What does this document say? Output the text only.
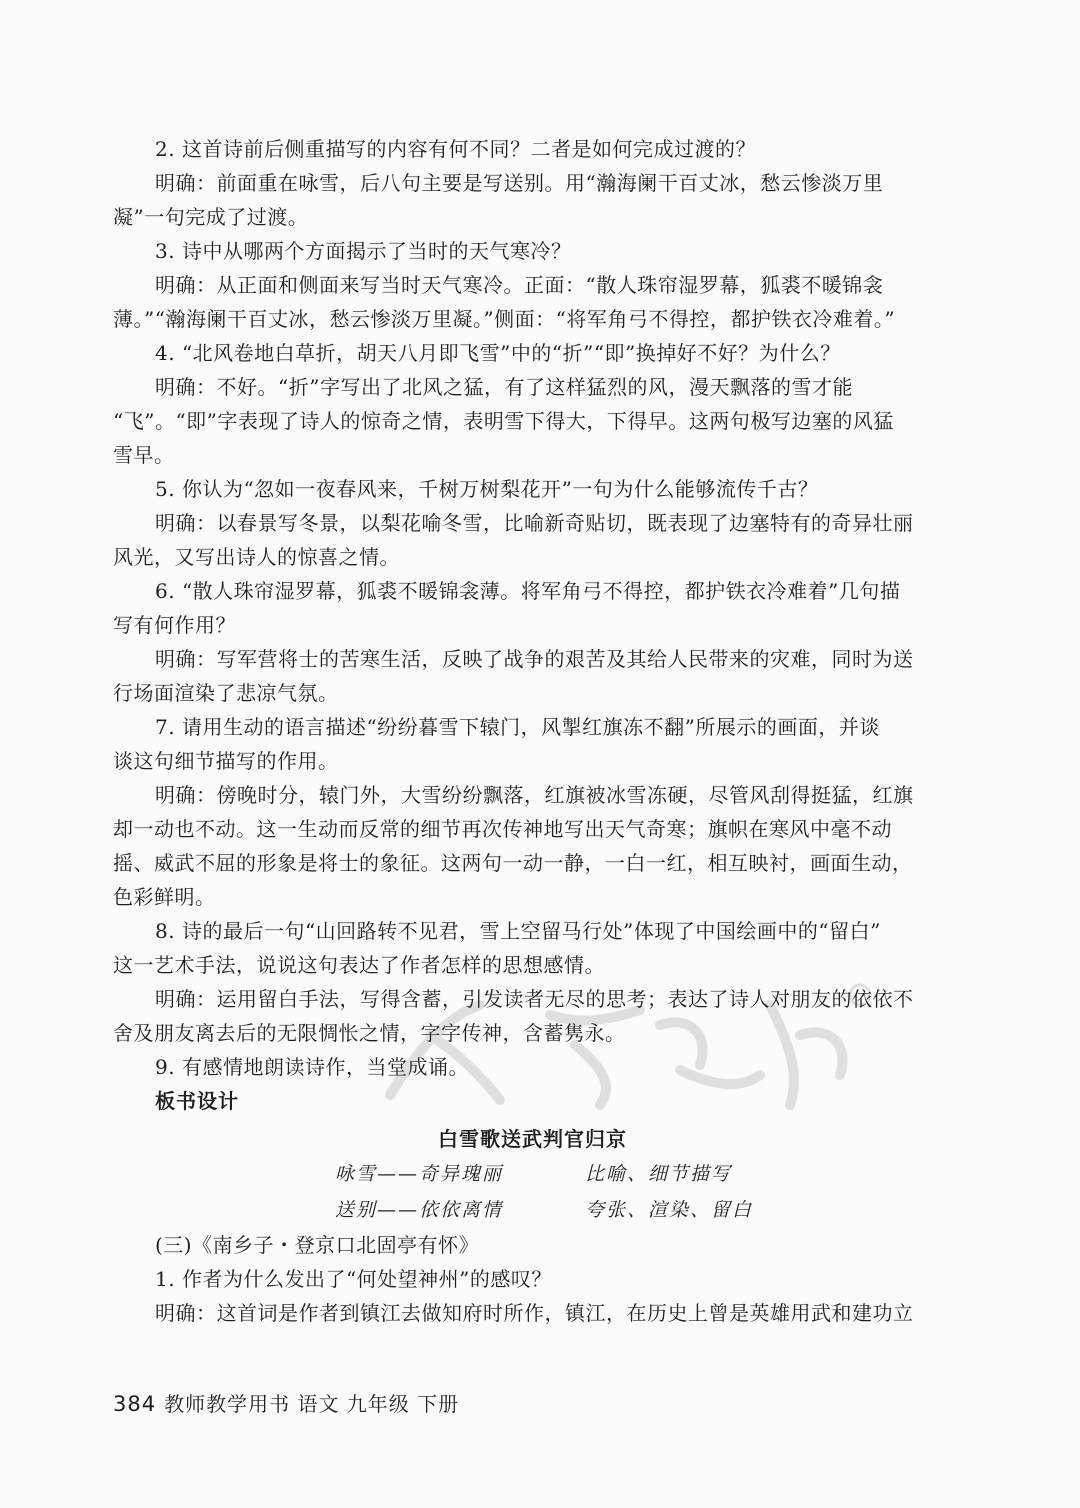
2. 这首诗前后侧重描写的内容有何不同？二者是如何完成过渡的？
明确：前面重在咏雪，后八句主要是写送别。用“瀚海阑干百丈冰，愁云惨淡万里
凝”一句完成了过渡。
3. 诗中从哪两个方面揭示了当时的天气寒冷？
明确：从正面和侧面来写当时天气寒冷。正面：“散人珠帘湿罗幕，狐裘不暖锦衾
薄。”“瀚海阑干百丈冰，愁云惨淡万里凝。”侧面：“将军角弓不得控，都护铁衣冷难着。”
4. “北风卷地白草折，胡天八月即飞雪”中的“折”“即”换掉好不好？为什么？
明确：不好。“折”字写出了北风之猛，有了这样猛烈的风，漫天飘落的雪才能
“飞”。“即”字表现了诗人的惊奇之情，表明雪下得大，下得早。这两句极写边塞的风猛
雪早。
5. 你认为“忽如一夜春风来，千树万树梨花开”一句为什么能够流传千古？
明确：以春景写冬景，以梨花喻冬雪，比喻新奇贴切，既表现了边塞特有的奇异壮丽
风光，又写出诗人的惊喜之情。
6. “散人珠帘湿罗幕，狐裘不暖锦衾薄。将军角弓不得控，都护铁衣冷难着”几句描
写有何作用？
明确：写军营将士的苦寒生活，反映了战争的艰苦及其给人民带来的灾难，同时为送
行场面渲染了悲凉气氛。
7. 请用生动的语言描述“纷纷暮雪下辕门，风掣红旗冻不翻”所展示的画面，并谈
谈这句细节描写的作用。
明确：傍晚时分，辕门外，大雪纷纷飘落，红旗被冰雪冻硬，尽管风刮得挺猛，红旗
却一动也不动。这一生动而反常的细节再次传神地写出天气奇寒；旗帜在寒风中毫不动
摇、威武不屈的形象是将士的象征。这两句一动一静，一白一红，相互映衬，画面生动，
色彩鲜明。
8. 诗的最后一句“山回路转不见君，雪上空留马行处”体现了中国绘画中的“留白”
这一艺术手法，说说这句表达了作者怎样的思想感情。
明确：运用留白手法，写得含蓄，引发读者无尽的思考；表达了诗人对朋友的依依不
舍及朋友离去后的无限惆怅之情，字字传神，含蓄隽永。
9. 有感情地朗读诗作，当堂成诵。
板书设计
白雪歌送武判官归京
咏雪——奇异瑰丽	比喻、细节描写
送别——依依离情	夸张、渲染、留白
(三)《南乡子・登京口北固亭有怀》
1. 作者为什么发出了“何处望神州”的感叹？
明确：这首词是作者到镇江去做知府时所作，镇江，在历史上曾是英雄用武和建功立
384 教师教学用书 语文 九年级 下册
